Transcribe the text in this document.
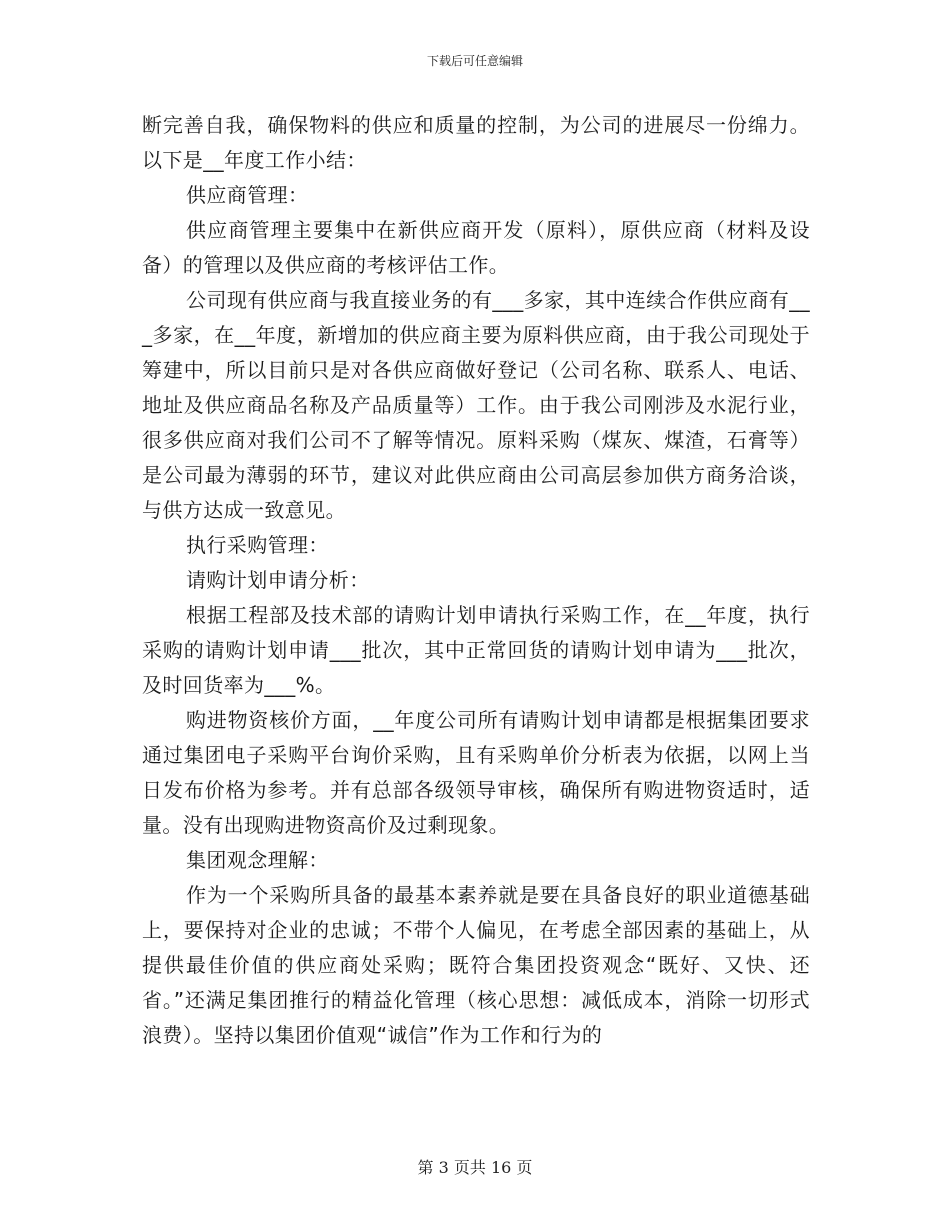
下载后可任意编辑

断完善自我，确保物料的供应和质量的控制，为公司的进展尽一份绵力。以下是__年度工作小结：

供应商管理：

供应商管理主要集中在新供应商开发（原料），原供应商（材料及设备）的管理以及供应商的考核评估工作。

公司现有供应商与我直接业务的有___多家，其中连续合作供应商有___多家，在__年度，新增加的供应商主要为原料供应商，由于我公司现处于筹建中，所以目前只是对各供应商做好登记（公司名称、联系人、电话、地址及供应商品名称及产品质量等）工作。由于我公司刚涉及水泥行业，很多供应商对我们公司不了解等情况。原料采购（煤灰、煤渣，石膏等）是公司最为薄弱的环节，建议对此供应商由公司高层参加供方商务洽谈，与供方达成一致意见。

执行采购管理：

请购计划申请分析：

根据工程部及技术部的请购计划申请执行采购工作，在__年度，执行采购的请购计划申请___批次，其中正常回货的请购计划申请为___批次，及时回货率为___%。

购进物资核价方面，__年度公司所有请购计划申请都是根据集团要求通过集团电子采购平台询价采购，且有采购单价分析表为依据，以网上当日发布价格为参考。并有总部各级领导审核，确保所有购进物资适时，适量。没有出现购进物资高价及过剩现象。

集团观念理解：

作为一个采购所具备的最基本素养就是要在具备良好的职业道德基础上，要保持对企业的忠诚；不带个人偏见，在考虑全部因素的基础上，从提供最佳价值的供应商处采购；既符合集团投资观念“既好、又快、还省。”还满足集团推行的精益化管理（核心思想：减低成本，消除一切形式浪费）。坚持以集团价值观“诚信”作为工作和行为的

第 3 页共 16 页
